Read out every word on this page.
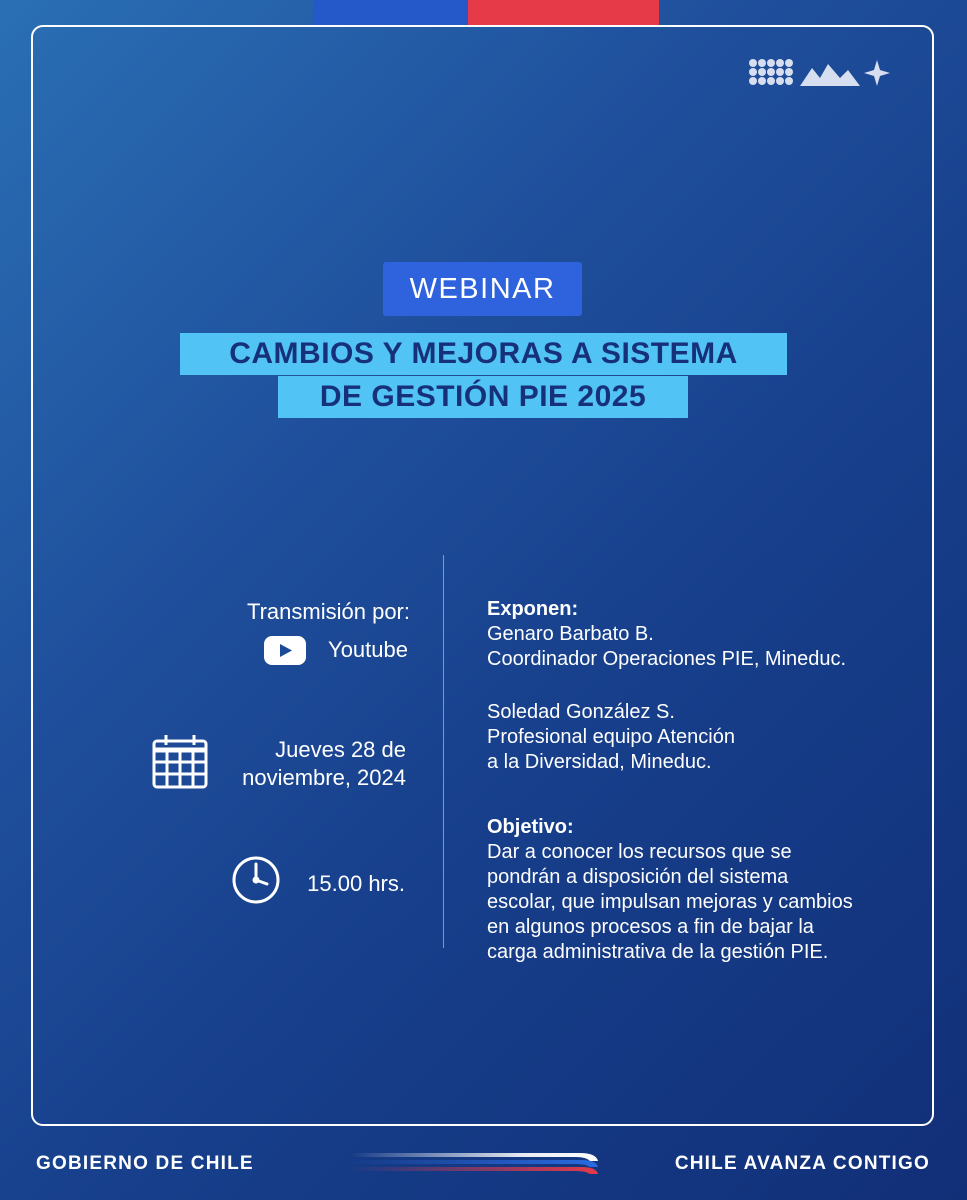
WEBINAR
CAMBIOS Y MEJORAS A SISTEMA
DE GESTIÓN PIE 2025
Transmisión por:
Youtube
Jueves 28 de
noviembre, 2024
15.00 hrs.
Exponen:
Genaro Barbato B.
Coordinador Operaciones PIE, Mineduc.
Soledad González S.
Profesional equipo Atención
a la Diversidad, Mineduc.
Objetivo:
Dar a conocer los recursos que se
pondrán a disposición del sistema
escolar, que impulsan mejoras y cambios
en algunos procesos a fin de bajar la
carga administrativa de la gestión PIE.
GOBIERNO DE CHILE	CHILE AVANZA CONTIGO
